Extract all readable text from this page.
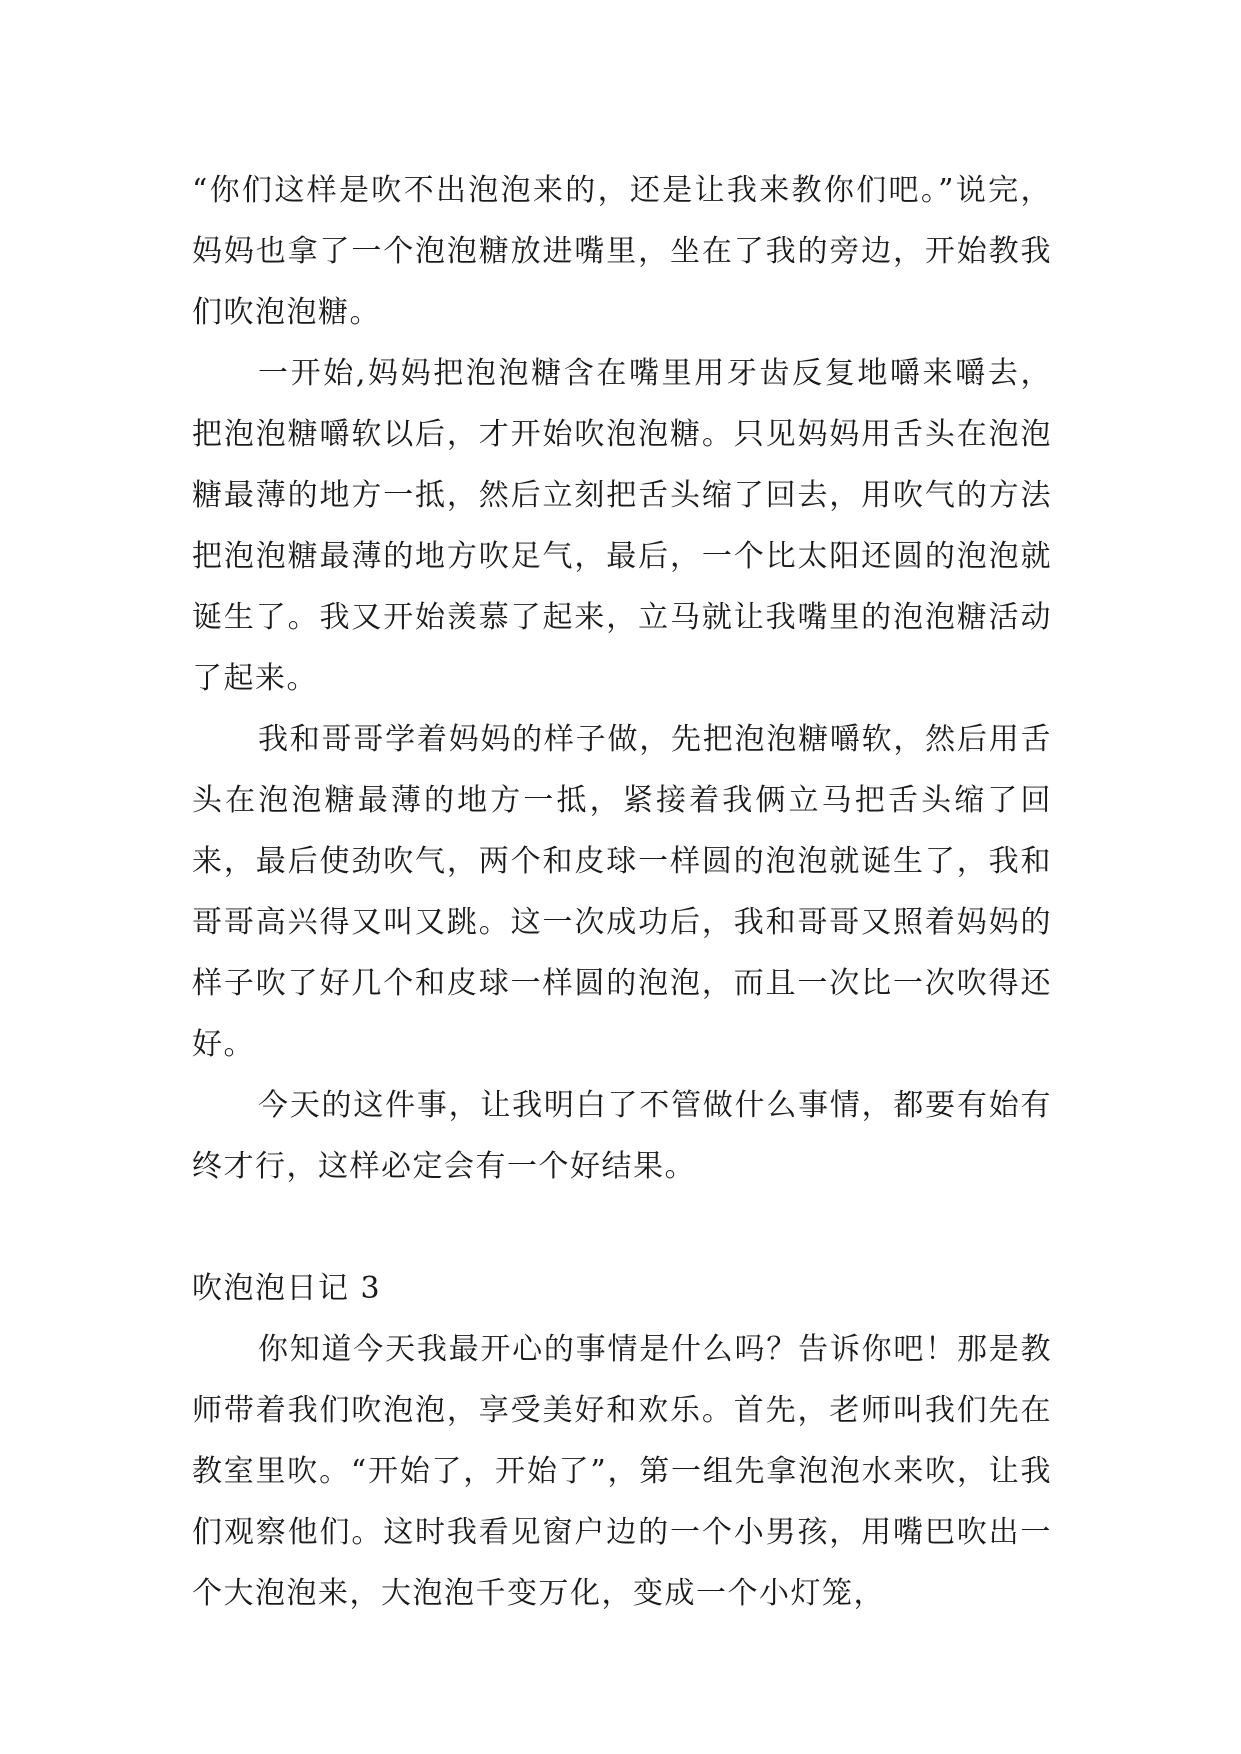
“你们这样是吹不出泡泡来的，还是让我来教你们吧。”说完，妈妈也拿了一个泡泡糖放进嘴里，坐在了我的旁边，开始教我们吹泡泡糖。

一开始,妈妈把泡泡糖含在嘴里用牙齿反复地嚼来嚼去，把泡泡糖嚼软以后，才开始吹泡泡糖。只见妈妈用舌头在泡泡糖最薄的地方一抵，然后立刻把舌头缩了回去，用吹气的方法把泡泡糖最薄的地方吹足气，最后，一个比太阳还圆的泡泡就诞生了。我又开始羡慕了起来，立马就让我嘴里的泡泡糖活动了起来。

我和哥哥学着妈妈的样子做，先把泡泡糖嚼软，然后用舌头在泡泡糖最薄的地方一抵，紧接着我俩立马把舌头缩了回来，最后使劲吹气，两个和皮球一样圆的泡泡就诞生了，我和哥哥高兴得又叫又跳。这一次成功后，我和哥哥又照着妈妈的样子吹了好几个和皮球一样圆的泡泡，而且一次比一次吹得还好。

今天的这件事，让我明白了不管做什么事情，都要有始有终才行，这样必定会有一个好结果。

吹泡泡日记 3

你知道今天我最开心的事情是什么吗？告诉你吧！那是教师带着我们吹泡泡，享受美好和欢乐。首先，老师叫我们先在教室里吹。“开始了，开始了”，第一组先拿泡泡水来吹，让我们观察他们。这时我看见窗户边的一个小男孩，用嘴巴吹出一个大泡泡来，大泡泡千变万化，变成一个小灯笼，
